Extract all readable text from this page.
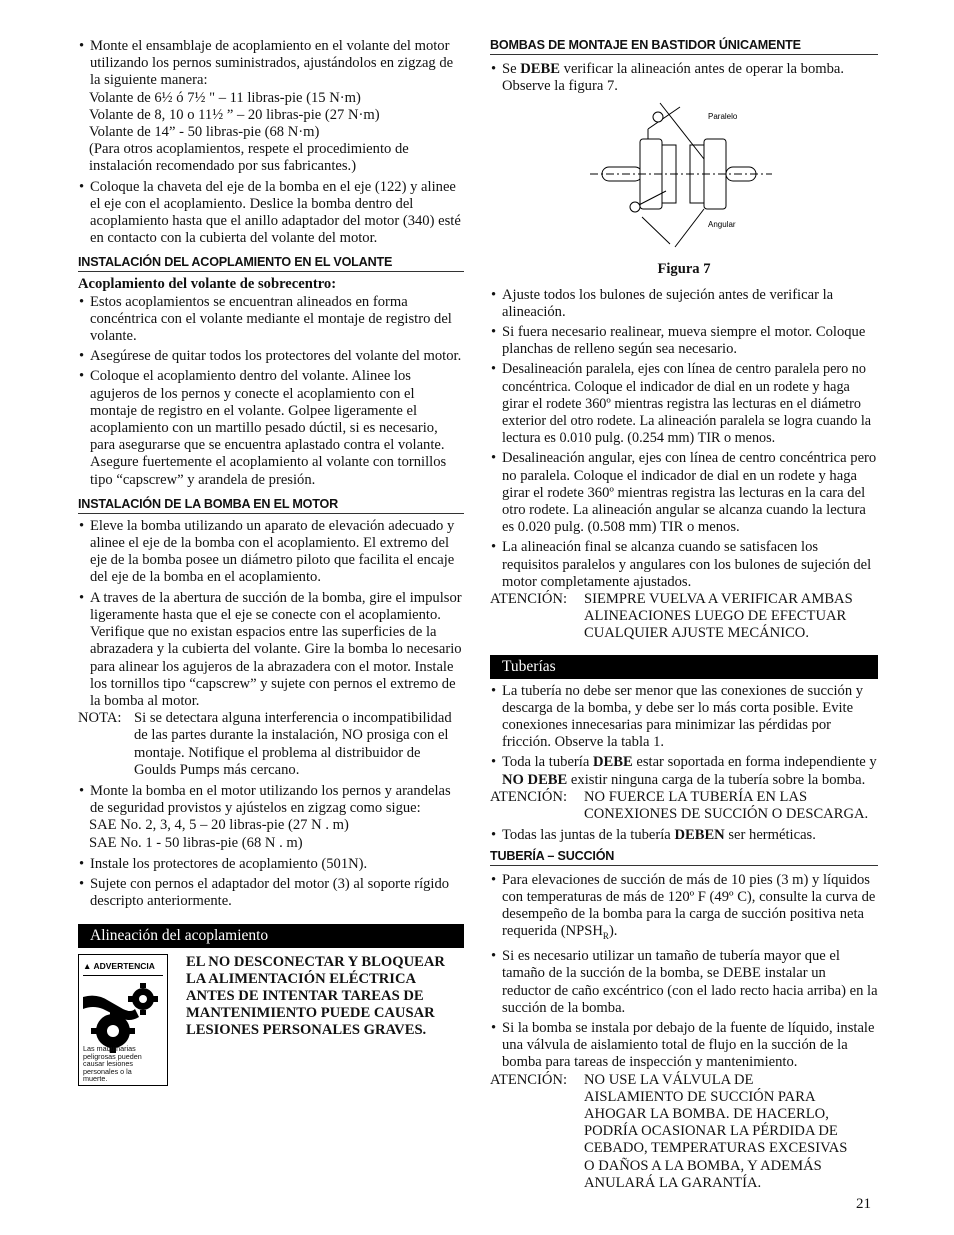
• Monte el ensamblaje de acoplamiento en el volante del motor utilizando los pernos suministrados, ajustándolos en zigzag de la siguiente manera:

Volante de 6½ ó 7½ " – 11 libras-pie (15 N·m)

Volante de 8, 10 o 11½ ” – 20 libras-pie (27 N·m)

Volante de 14” - 50 libras-pie (68 N·m)

(Para otros acoplamientos, respete el procedimiento de instalación recomendado por sus fabricantes.)

• Coloque la chaveta del eje de la bomba en el eje (122) y alinee el eje con el acoplamiento. Deslice la bomba dentro del acoplamiento hasta que el anillo adaptador del motor (340) esté en contacto con la cubierta del volante del motor.

INSTALACIÓN DEL ACOPLAMIENTO EN EL VOLANTE

Acoplamiento del volante de sobrecentro:

• Estos acoplamientos se encuentran alineados en forma concéntrica con el volante mediante el montaje de registro del volante.

• Asegúrese de quitar todos los protectores del volante del motor.

• Coloque el acoplamiento dentro del volante. Alinee los agujeros de los pernos y conecte el acoplamiento con el montaje de registro en el volante. Golpee ligeramente el acoplamiento con un martillo pesado dúctil, si es necesario, para asegurarse que se encuentra aplastado contra el volante. Asegure fuertemente el acoplamiento al volante con tornillos tipo “capscrew” y arandela de presión.

INSTALACIÓN DE LA BOMBA EN EL MOTOR

• Eleve la bomba utilizando un aparato de elevación adecuado y alinee el eje de la bomba con el acoplamiento. El extremo del eje de la bomba posee un diámetro piloto que facilita el encaje del eje de la bomba en el acoplamiento.

• A traves de la abertura de succión de la bomba, gire el impulsor ligeramente hasta que el eje se conecte con el acoplamiento. Verifique que no existan espacios entre las superficies de la abrazadera y la cubierta del volante. Gire la bomba lo necesario para alinear los agujeros de la abrazadera con el motor. Instale los tornillos tipo “capscrew” y sujete con pernos el extremo de la bomba al motor.

NOTA: Si se detectara alguna interferencia o incompatibilidad de las partes durante la instalación, NO prosiga con el montaje. Notifique el problema al distribuidor de Goulds Pumps más cercano.

• Monte la bomba en el motor utilizando los pernos y arandelas de seguridad provistos y ajústelos en zigzag como sigue:

SAE No. 2, 3, 4, 5 – 20 libras-pie (27 N . m)

SAE No. 1 - 50 libras-pie (68 N . m)

• Instale los protectores de acoplamiento (501N).

• Sujete con pernos el adaptador del motor (3) al soporte rígido descripto anteriormente.

Alineación del acoplamiento
▲ ADVERTENCIA
Las maquinarias peligrosas pueden causar lesiones personales o la muerte.

EL NO DESCONECTAR Y BLOQUEAR LA ALIMENTACIÓN ELÉCTRICA ANTES DE INTENTAR TAREAS DE MANTENIMIENTO PUEDE CAUSAR LESIONES PERSONALES GRAVES.

BOMBAS DE MONTAJE EN BASTIDOR ÚNICAMENTE

• Se DEBE verificar la alineación antes de operar la bomba. Observe la figura 7.

Paralelo
Angular

Figura 7

• Ajuste todos los bulones de sujeción antes de verificar la alineación.

• Si fuera necesario realinear, mueva siempre el motor. Coloque planchas de relleno según sea necesario.

• Desalineación paralela, ejes con línea de centro paralela pero no concéntrica. Coloque el indicador de dial en un rodete y haga girar el rodete 360º mientras registra las lecturas en el diámetro exterior del otro rodete. La alineación paralela se logra cuando la lectura es 0.010 pulg. (0.254 mm) TIR o menos.

• Desalineación angular, ejes con línea de centro concéntrica pero no paralela. Coloque el indicador de dial en un rodete y haga girar el rodete 360º mientras registra las lecturas en la cara del otro rodete. La alineación angular se alcanza cuando la lectura es 0.020 pulg. (0.508 mm) TIR o menos.

• La alineación final se alcanza cuando se satisfacen los requisitos paralelos y angulares con los bulones de sujeción del motor completamente ajustados.

ATENCIÓN:	SIEMPRE VUELVA A VERIFICAR AMBAS ALINEACIONES LUEGO DE EFECTUAR CUALQUIER AJUSTE MECÁNICO.
Tuberías

• La tubería no debe ser menor que las conexiones de succión y descarga de la bomba, y debe ser lo más corta posible. Evite conexiones innecesarias para minimizar las pérdidas por fricción. Observe la tabla 1.

• Toda la tubería DEBE estar soportada en forma independiente y NO DEBE existir ninguna carga de la tubería sobre la bomba.

ATENCIÓN:	NO FUERCE LA TUBERÍA EN LAS CONEXIONES DE SUCCIÓN O DESCARGA.

• Todas las juntas de la tubería DEBEN ser herméticas.

TUBERÍA – SUCCIÓN

• Para elevaciones de succión de más de 10 pies (3 m) y líquidos con temperaturas de más de 120º F (49º C), consulte la curva de desempeño de la bomba para la carga de succión positiva neta requerida $(NPSH_R)$.

• Si es necesario utilizar un tamaño de tubería mayor que el tamaño de la succión de la bomba, se DEBE instalar un reductor de caño excéntrico (con el lado recto hacia arriba) en la succión de la bomba.

• Si la bomba se instala por debajo de la fuente de líquido, instale una válvula de aislamiento total de flujo en la succión de la bomba para tareas de inspección y mantenimiento.

ATENCIÓN:	NO USE LA VÁLVULA DE AISLAMIENTO DE SUCCIÓN PARA AHOGAR LA BOMBA. DE HACERLO, PODRÍA OCASIONAR LA PÉRDIDA DE CEBADO, TEMPERATURAS EXCESIVAS O DAÑOS A LA BOMBA, Y ADEMÁS ANULARÁ LA GARANTÍA.
21
